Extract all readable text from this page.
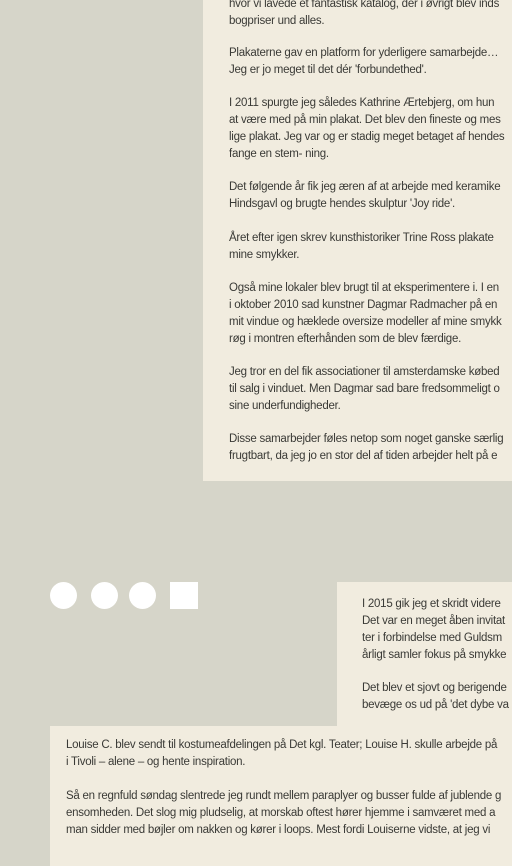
hvor vi lavede et fantastisk katalog, der i øvrigt blev inds

bogpriser und alles.

Plakaterne gav en platform for yderligere samarbejde…

Jeg er jo meget til det dér 'forbundethed'.

I 2011 spurgte jeg således Kathrine Ærtebjerg, om hun

at være med på min plakat. Det blev den fineste og mes

lige plakat. Jeg var og er stadig meget betaget af hendes

fange en stem- ning.

Det følgende år fik jeg æren af at arbejde med keramike

Hindsgavl og brugte hendes skulptur 'Joy ride'.

Året efter igen skrev kunsthistoriker Trine Ross plakate

mine smykker.

Også mine lokaler blev brugt til at eksperimentere i. I en

i oktober 2010 sad kunstner Dagmar Radmacher på en

mit vindue og hæklede oversize modeller af mine smykk

røg i montren efterhånden som de blev færdige.

Jeg tror en del fik associationer til amsterdamske købed

til salg i vinduet. Men Dagmar sad bare fredsommeligt o

sine underfundigheder.

Disse samarbejder føles netop som noget ganske særlig

frugtbart, da jeg jo en stor del af tiden arbejder helt på e

I 2015 gik jeg et skridt videre

Det var en meget åben invitat

ter i forbindelse med Guldsm

årligt samler fokus på smykke

Det blev et sjovt og berigende

bevæge os ud på 'det dybe va

Louise C. blev sendt til kostumeafdelingen på Det kgl. Teater; Louise H. skulle arbejde på

i Tivoli – alene – og hente inspiration.

Så en regnfuld søndag slentrede jeg rundt mellem paraplyer og busser fulde af jublende g

ensomheden. Det slog mig pludselig, at morskab oftest hører hjemme i samværet med a

man sidder med bøjler om nakken og kører i loops. Mest fordi Louiserne vidste, at jeg vi
